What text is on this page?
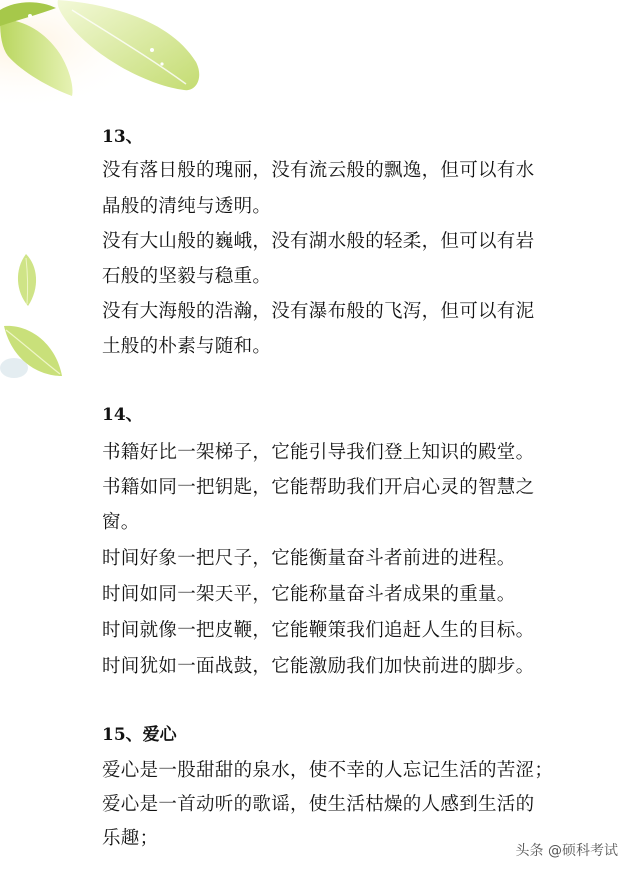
13、
没有落日般的瑰丽，没有流云般的飘逸，但可以有水
晶般的清纯与透明。
没有大山般的巍峨，没有湖水般的轻柔，但可以有岩
石般的坚毅与稳重。
没有大海般的浩瀚，没有瀑布般的飞泻，但可以有泥
土般的朴素与随和。
14、
书籍好比一架梯子，它能引导我们登上知识的殿堂。
书籍如同一把钥匙，它能帮助我们开启心灵的智慧之
窗。
时间好象一把尺子，它能衡量奋斗者前进的进程。
时间如同一架天平，它能称量奋斗者成果的重量。
时间就像一把皮鞭，它能鞭策我们追赶人生的目标。
时间犹如一面战鼓，它能激励我们加快前进的脚步。
15、爱心
爱心是一股甜甜的泉水，使不幸的人忘记生活的苦涩；
爱心是一首动听的歌谣，使生活枯燥的人感到生活的
乐趣；
头条 @硕科考试
